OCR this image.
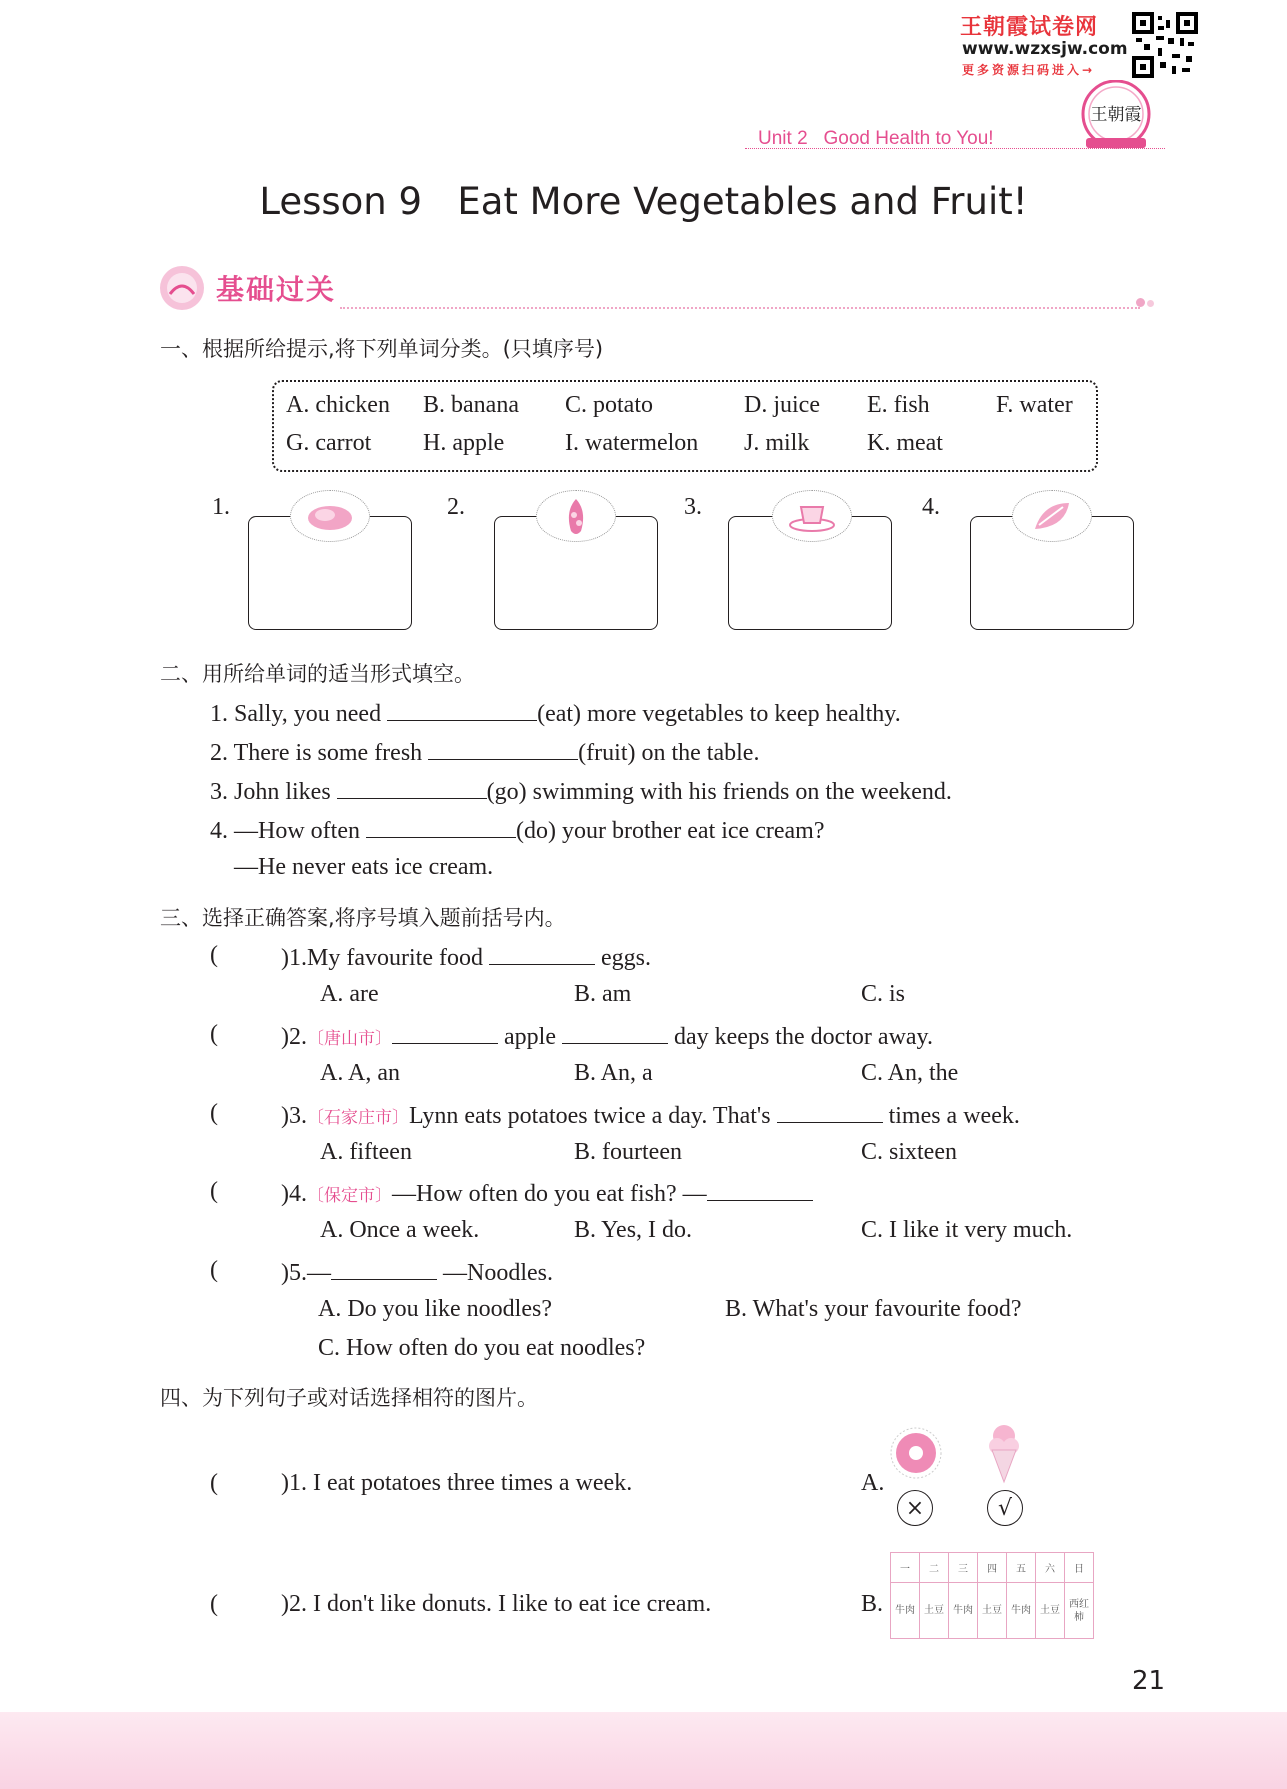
王朝霞试卷网
www.wzxsjw.com
更多资源扫码进入→
王朝霞
Unit 2 Good Health to You!
Lesson 9   Eat More Vegetables and Fruit!
基础过关
一、根据所给提示,将下列单词分类。(只填序号)
A. chicken B. banana C. potato	D. juice E. fish	F. water
G. carrot H. apple	I. watermelon J. milk K. meat
1.	2.	3.	4.
二、用所给单词的适当形式填空。
1. Sally, you need	(eat) more vegetables to keep healthy.
2. There is some fresh	(fruit) on the table.
3. John likes	(go) swimming with his friends on the weekend.
4. —How often	(do) your brother eat ice cream?
—He never eats ice cream.
三、选择正确答案,将序号填入题前括号内。
(	)1.My favourite food	eggs.
A. are	B. am	C. is
(	)2.〔唐山市〕	apple	day keeps the doctor away.
A. A, an	B. An, a	C. An, the
(	)3.〔石家庄市〕Lynn eats potatoes twice a day. That's	times a week.
A. fifteen	B. fourteen	C. sixteen
(	)4.〔保定市〕—How often do you eat fish? —
A. Once a week.	B. Yes, I do.	C. I like it very much.
(	)5.—	—Noodles.
A. Do you like noodles?	B. What's your favourite food?
C. How often do you eat noodles?
四、为下列句子或对话选择相符的图片。
(	)1. I eat potatoes three times a week.
(	)2. I don't like donuts. I like to eat ice cream.
A.
×	√
B.
一	二	三	四	五	六	日
牛肉	土豆	牛肉	土豆	牛肉	土豆	西红柿
21
